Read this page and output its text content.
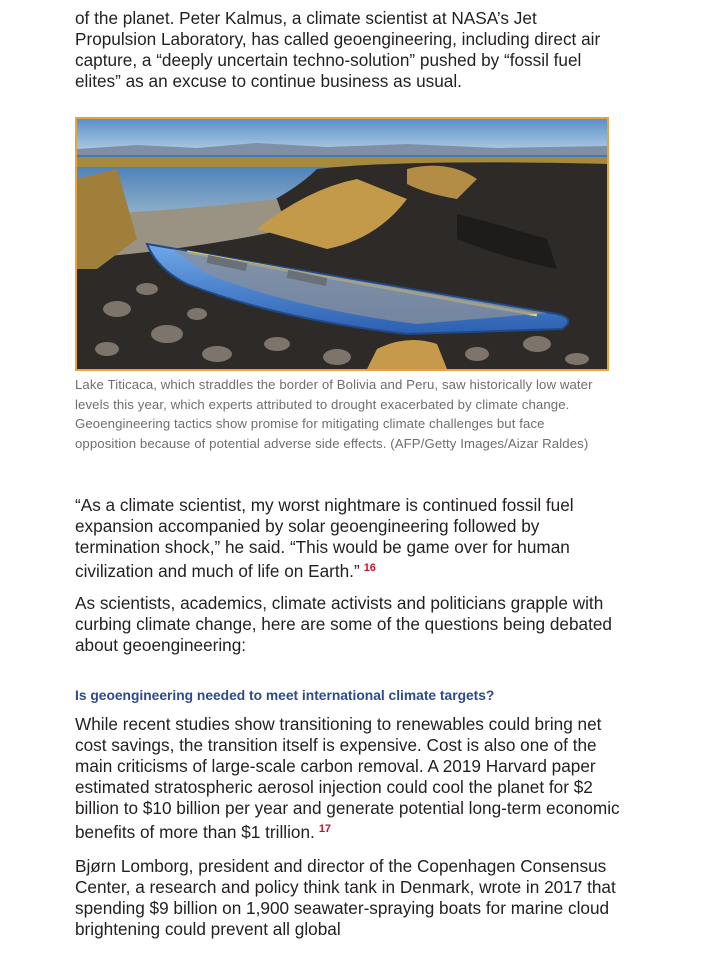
of the planet. Peter Kalmus, a climate scientist at NASA’s Jet Propulsion Laboratory, has called geoengineering, including direct air capture, a “deeply uncertain techno-solution” pushed by “fossil fuel elites” as an excuse to continue business as usual.

Lake Titicaca, which straddles the border of Bolivia and Peru, saw historically low water levels this year, which experts attributed to drought exacerbated by climate change. Geoengineering tactics show promise for mitigating climate challenges but face opposition because of potential adverse side effects. (AFP/Getty Images/Aizar Raldes)

“As a climate scientist, my worst nightmare is continued fossil fuel expansion accompanied by solar geoengineering followed by termination shock,” he said. “This would be game over for human civilization and much of life on Earth.” $^{16}$

As scientists, academics, climate activists and politicians grapple with curbing climate change, here are some of the questions being debated about geoengineering:

Is geoengineering needed to meet international climate targets?

While recent studies show transitioning to renewables could bring net cost savings, the transition itself is expensive. Cost is also one of the main criticisms of large-scale carbon removal. A 2019 Harvard paper estimated stratospheric aerosol injection could cool the planet for $2 billion to $10 billion per year and generate potential long-term economic benefits of more than $1 trillion. $^{17}$

Bjørn Lomborg, president and director of the Copenhagen Consensus Center, a research and policy think tank in Denmark, wrote in 2017 that spending $9 billion on 1,900 seawater-spraying boats for marine cloud brightening could prevent all global
